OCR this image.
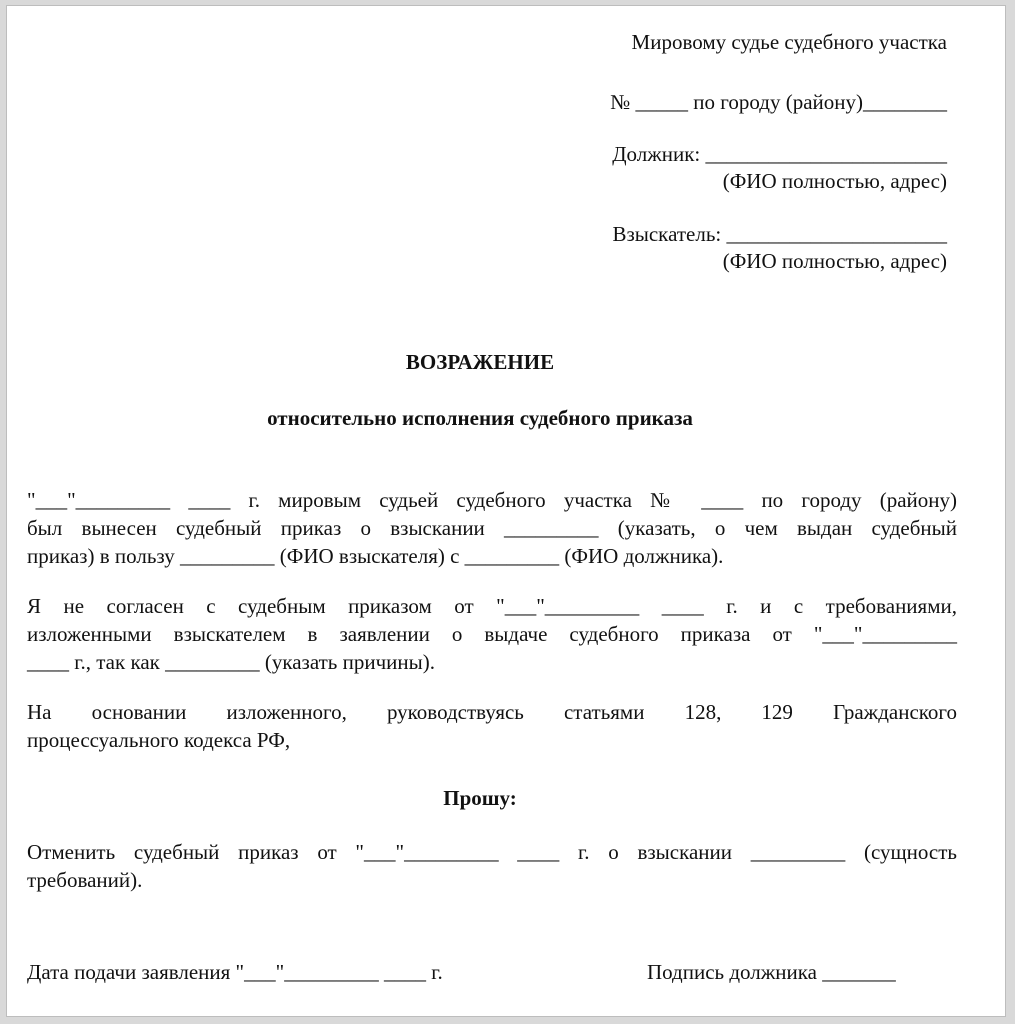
Мировому судье судебного участка
№ _____ по городу (району)________
Должник: _______________________
(ФИО полностью, адрес)
Взыскатель: _____________________
(ФИО полностью, адрес)
ВОЗРАЖЕНИЕ
относительно исполнения судебного приказа
"___"_________ ____ г. мировым судьей судебного участка № ____ по городу (району)
был вынесен судебный приказ о взыскании _________ (указать, о чем выдан судебный
приказ) в пользу _________ (ФИО взыскателя) с _________ (ФИО должника).
Я не согласен с судебным приказом от "___"_________ ____ г. и с требованиями,
изложенными взыскателем в заявлении о выдаче судебного приказа от "___"_________
____ г., так как _________ (указать причины).
На основании изложенного, руководствуясь статьями 128, 129 Гражданского
процессуального кодекса РФ,
Прошу:
Отменить судебный приказ от "___"_________ ____ г. о взыскании _________ (сущность
требований).
Дата подачи заявления "___"_________ ____ г.	Подпись должника _______
